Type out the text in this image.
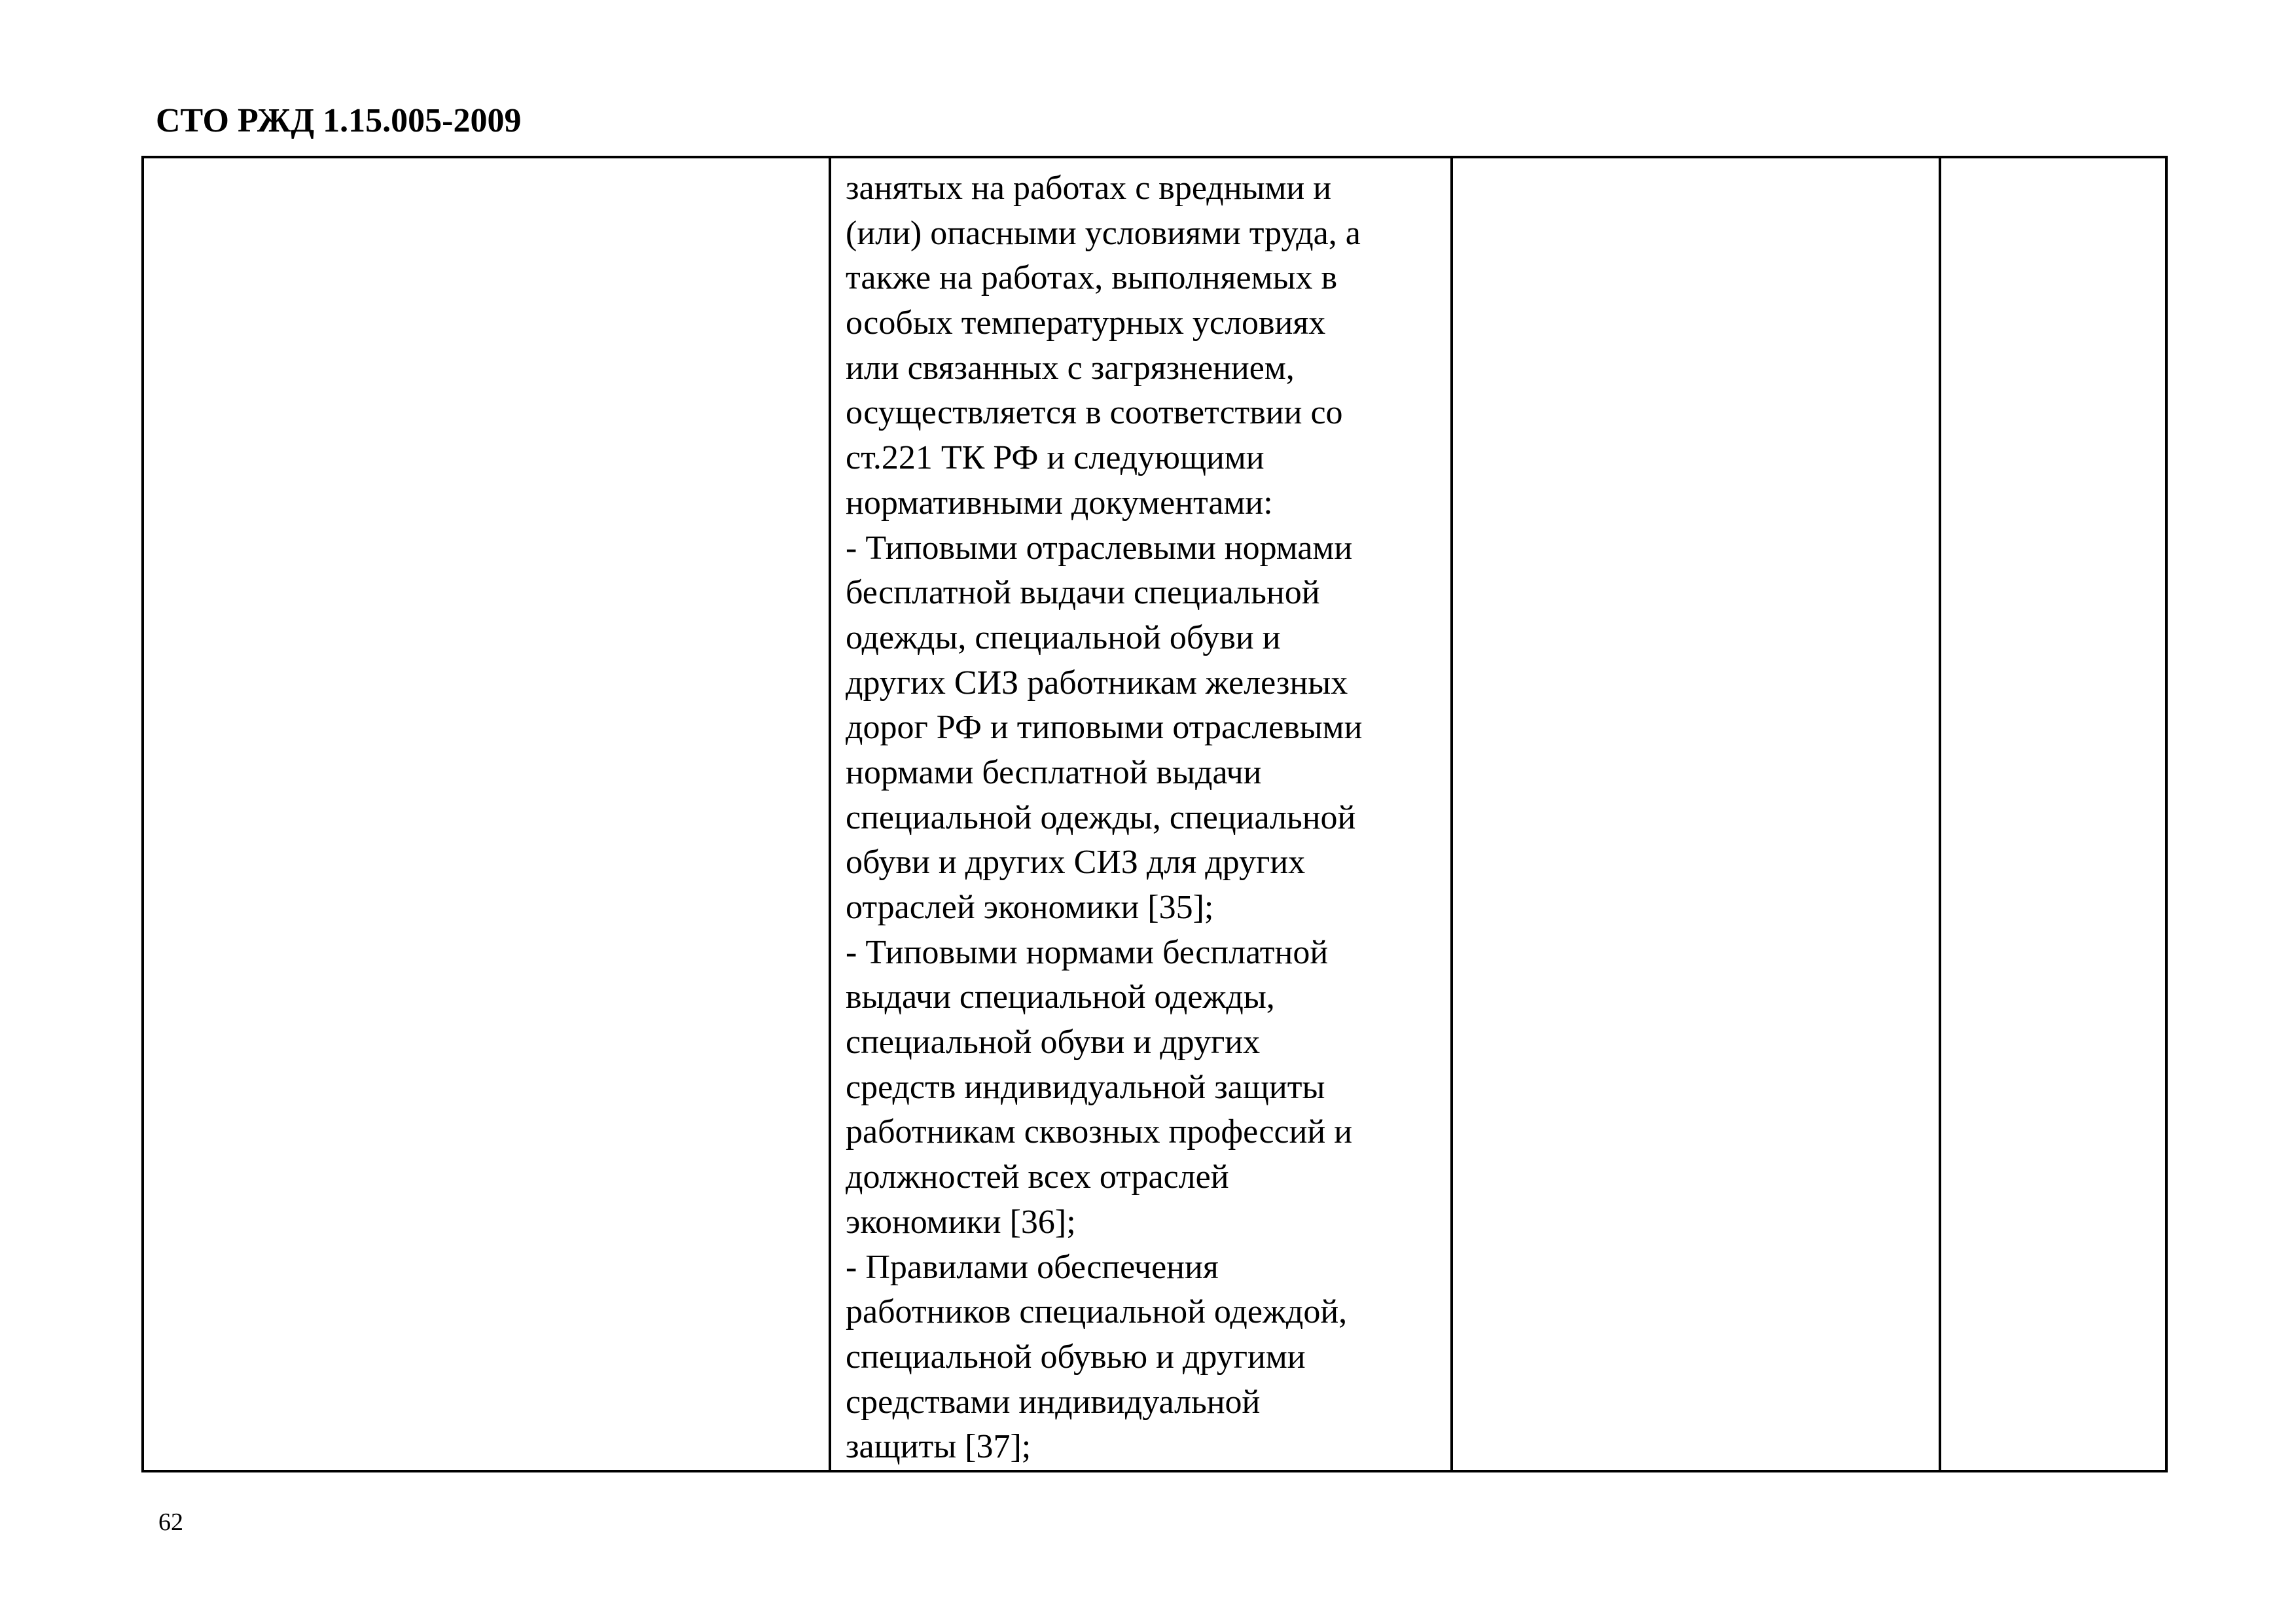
СТО РЖД 1.15.005-2009

занятых на работах с вредными и
(или) опасными условиями труда, а
также на работах, выполняемых в
особых температурных условиях
или связанных с загрязнением,
осуществляется в соответствии со
ст.221 ТК РФ и следующими
нормативными документами:
- Типовыми отраслевыми нормами
бесплатной выдачи специальной
одежды, специальной обуви и
других СИЗ работникам железных
дорог РФ и типовыми отраслевыми
нормами бесплатной выдачи
специальной одежды, специальной
обуви и других СИЗ для других
отраслей экономики [35];
- Типовыми нормами бесплатной
выдачи специальной одежды,
специальной обуви и других
средств индивидуальной защиты
работникам сквозных профессий и
должностей всех отраслей
экономики [36];
- Правилами обеспечения
работников специальной одеждой,
специальной обувью и другими
средствами индивидуальной
защиты [37];

62
